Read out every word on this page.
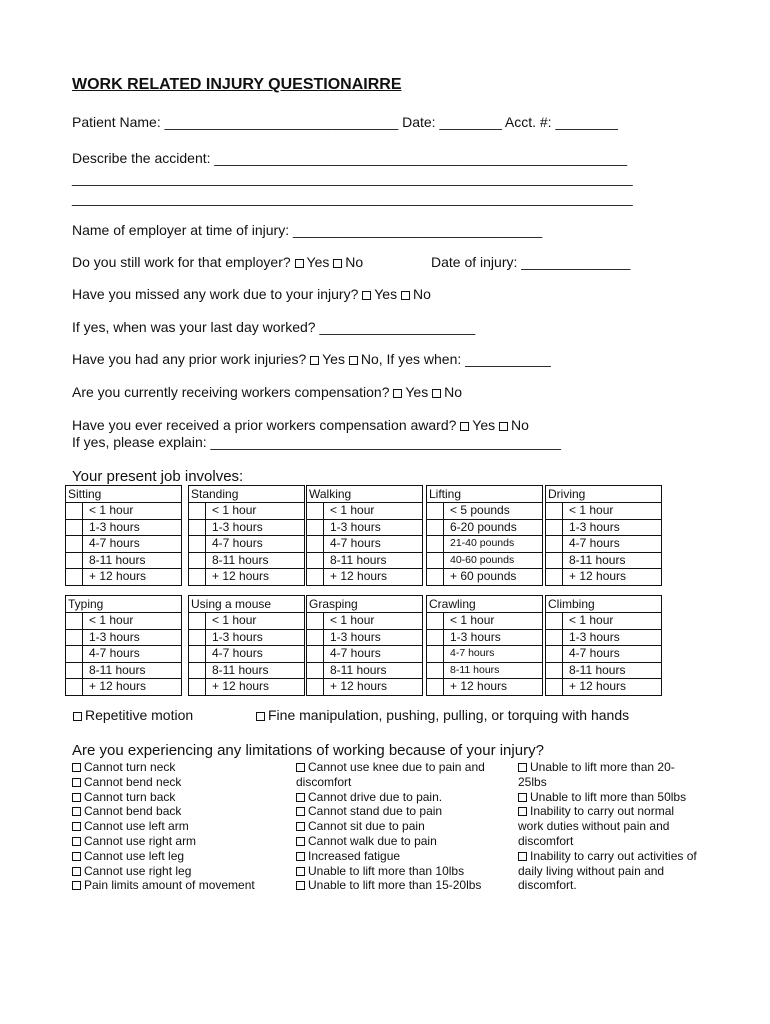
WORK RELATED INJURY QUESTIONAIRRE
Patient Name: ______________________________ Date: ________ Acct. #: ________
Describe the accident: _____________________________________________________
________________________________________________________________________
________________________________________________________________________
Name of employer at time of injury: ________________________________
Do you still work for that employer? Yes No	Date of injury: ______________
Have you missed any work due to your injury? Yes No
If yes, when was your last day worked? ____________________
Have you had any prior work injuries? Yes No, If yes when: ___________
Are you currently receiving workers compensation? Yes No
Have you ever received a prior workers compensation award? Yes No
If yes, please explain: _____________________________________________
Your present job involves:
Sitting	
	< 1 hour
	1-3 hours
	4-7 hours
	8-11 hours
	+ 12 hours
Standing	
	< 1 hour
	1-3 hours
	4-7 hours
	8-11 hours
	+ 12 hours
Walking	
	< 1 hour
	1-3 hours
	4-7 hours
	8-11 hours
	+ 12 hours
Lifting	
	< 5 pounds
	6-20 pounds
	21-40 pounds
	40-60 pounds
	+ 60 pounds
Driving	
	< 1 hour
	1-3 hours
	4-7 hours
	8-11 hours
	+ 12 hours
Typing	
	< 1 hour
	1-3 hours
	4-7 hours
	8-11 hours
	+ 12 hours
Using a mouse	
	< 1 hour
	1-3 hours
	4-7 hours
	8-11 hours
	+ 12 hours
Grasping	
	< 1 hour
	1-3 hours
	4-7 hours
	8-11 hours
	+ 12 hours
Crawling	
	< 1 hour
	1-3 hours
	4-7 hours
	8-11 hours
	+ 12 hours
Climbing	
	< 1 hour
	1-3 hours
	4-7 hours
	8-11 hours
	+ 12 hours
Repetitive motion	Fine manipulation, pushing, pulling, or torquing with hands
Are you experiencing any limitations of working because of your injury?
Cannot turn neck
Cannot bend neck
Cannot turn back
Cannot bend back
Cannot use left arm
Cannot use right arm
Cannot use left leg
Cannot use right leg
Pain limits amount of movement
Cannot use knee due to pain and discomfort
Cannot drive due to pain.
Cannot stand due to pain
Cannot sit due to pain
Cannot walk due to pain
Increased fatigue
Unable to lift more than 10lbs
Unable to lift more than 15-20lbs
Unable to lift more than 20-25lbs
Unable to lift more than 50lbs
Inability to carry out normal work duties without pain and discomfort
Inability to carry out activities of daily living without pain and discomfort.
